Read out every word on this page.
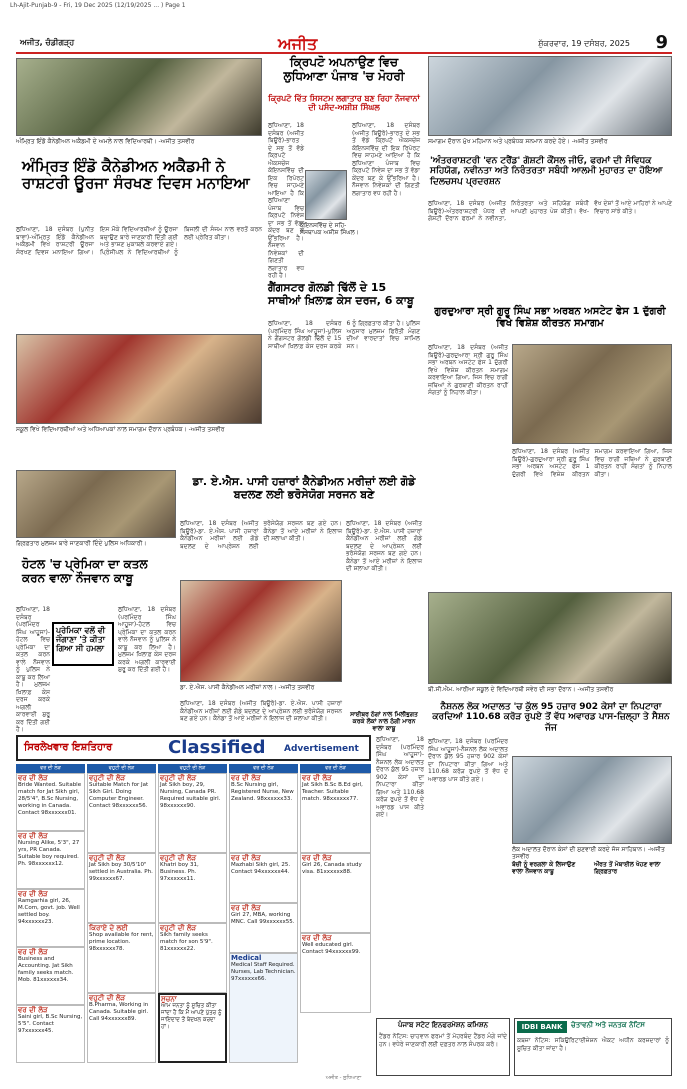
Lh-Ajit-Punjab-9 - Fri, 19 Dec 2025 (12/19/2025 ... ) Page 1
ਅਜੀਤ, ਚੰਡੀਗੜ੍ਹ	ਅਜੀਤ	ਸ਼ੁੱਕਰਵਾਰ, 19 ਦਸੰਬਰ, 2025 9
ਅੰਮ੍ਰਿਤ ਇੰਡੋ ਕੈਨੇਡੀਅਨ ਅਕੈਡਮੀ ਦੇ ਅਮਲੇ ਨਾਲ ਵਿਦਿਆਰਥੀ। -ਅਜੀਤ ਤਸਵੀਰ
ਅੰਮ੍ਰਿਤ ਇੰਡੋ ਕੈਨੇਡੀਅਨ ਅਕੈਡਮੀ ਨੇ ਰਾਸ਼ਟਰੀ ਊਰਜਾ ਸੰਰਖਣ ਦਿਵਸ ਮਨਾਇਆ
ਲੁਧਿਆਣਾ, 18 ਦਸੰਬਰ (ਪੁਨੀਤ ਬਾਵਾ)-ਅੰਮ੍ਰਿਤ ਇੰਡੋ ਕੈਨੇਡੀਅਨ ਅਕੈਡਮੀ ਵਿਖੇ ਰਾਸ਼ਟਰੀ ਊਰਜਾ ਸੰਰਖਣ ਦਿਵਸ ਮਨਾਇਆ ਗਿਆ। ਇਸ ਮੌਕੇ ਵਿਦਿਆਰਥੀਆਂ ਨੂੰ ਊਰਜਾ ਬਚਾਉਣ ਬਾਰੇ ਜਾਣਕਾਰੀ ਦਿੱਤੀ ਗਈ ਅਤੇ ਭਾਸ਼ਣ ਮੁਕਾਬਲੇ ਕਰਵਾਏ ਗਏ। ਪ੍ਰਿੰਸੀਪਲ ਨੇ ਵਿਦਿਆਰਥੀਆਂ ਨੂੰ ਬਿਜਲੀ ਦੀ ਸੰਜਮ ਨਾਲ ਵਰਤੋਂ ਕਰਨ ਲਈ ਪ੍ਰੇਰਿਤ ਕੀਤਾ।
ਕ੍ਰਿਪਟੋ ਅਪਨਾਉਣ ਵਿਚ
ਲੁਧਿਆਣਾ ਪੰਜਾਬ 'ਚ ਮੋਹਰੀ
ਕ੍ਰਿਪਟੋ ਵਿੱਤ ਸਿਸਟਮ ਲਗਾਤਾਰ ਬਣ ਰਿਹਾ ਨੌਜਵਾਨਾਂ ਦੀ ਪਸੰਦ-ਅਸ਼ੀਸ਼ ਸਿੰਘਲ
ਕੋਇਨਸਵਿੱਚ ਦੇ ਸਹਿ-ਸੰਸਥਾਪਕ ਅਸ਼ੀਸ਼ ਸਿੰਘਲ।
ਲੁਧਿਆਣਾ, 18 ਦਸੰਬਰ (ਅਜੀਤ ਬਿਊਰੋ)-ਭਾਰਤ ਦੇ ਸਭ ਤੋਂ ਵੱਡੇ ਕ੍ਰਿਪਟੋ ਐਕਸਚੇਂਜ ਕੋਇਨਸਵਿੱਚ ਦੀ ਇਕ ਰਿਪੋਰਟ ਵਿਚ ਸਾਹਮਣੇ ਆਇਆ ਹੈ ਕਿ ਲੁਧਿਆਣਾ ਪੰਜਾਬ ਵਿਚ ਕ੍ਰਿਪਟੋ ਨਿਵੇਸ਼ ਦਾ ਸਭ ਤੋਂ ਵੱਡਾ ਕੇਂਦਰ ਬਣ ਕੇ ਉੱਭਰਿਆ ਹੈ। ਨੌਜਵਾਨ ਨਿਵੇਸ਼ਕਾਂ ਦੀ ਗਿਣਤੀ ਲਗਾਤਾਰ ਵਧ ਰਹੀ ਹੈ।
ਲੁਧਿਆਣਾ, 18 ਦਸੰਬਰ (ਅਜੀਤ ਬਿਊਰੋ)-ਭਾਰਤ ਦੇ ਸਭ ਤੋਂ ਵੱਡੇ ਕ੍ਰਿਪਟੋ ਐਕਸਚੇਂਜ ਕੋਇਨਸਵਿੱਚ ਦੀ ਇਕ ਰਿਪੋਰਟ ਵਿਚ ਸਾਹਮਣੇ ਆਇਆ ਹੈ ਕਿ ਲੁਧਿਆਣਾ ਪੰਜਾਬ ਵਿਚ ਕ੍ਰਿਪਟੋ ਨਿਵੇਸ਼ ਦਾ ਸਭ ਤੋਂ ਵੱਡਾ ਕੇਂਦਰ ਬਣ ਕੇ ਉੱਭਰਿਆ ਹੈ। ਨੌਜਵਾਨ ਨਿਵੇਸ਼ਕਾਂ ਦੀ ਗਿਣਤੀ ਲਗਾਤਾਰ ਵਧ ਰਹੀ ਹੈ।
ਗੈਂਗਸਟਰ ਗੋਲਡੀ ਢਿੱਲੋਂ ਦੇ 15 ਸਾਥੀਆਂ ਖ਼ਿਲਾਫ਼ ਕੇਸ ਦਰਜ, 6 ਕਾਬੂ
ਲੁਧਿਆਣਾ, 18 ਦਸੰਬਰ (ਪਰਮਿੰਦਰ ਸਿੰਘ ਆਹੂਜਾ)-ਪੁਲਿਸ ਨੇ ਗੈਂਗਸਟਰ ਗੋਲਡੀ ਢਿੱਲੋਂ ਦੇ 15 ਸਾਥੀਆਂ ਖ਼ਿਲਾਫ਼ ਕੇਸ ਦਰਜ ਕਰਕੇ 6 ਨੂੰ ਗ੍ਰਿਫ਼ਤਾਰ ਕੀਤਾ ਹੈ। ਪੁਲਿਸ ਅਨੁਸਾਰ ਮੁਲਜ਼ਮ ਫਿਰੌਤੀ ਮੰਗਣ ਦੀਆਂ ਵਾਰਦਾਤਾਂ ਵਿਚ ਸ਼ਾਮਿਲ ਸਨ।
ਸਕੂਲ ਵਿਖੇ ਵਿਦਿਆਰਥੀਆਂ ਅਤੇ ਅਧਿਆਪਕਾਂ ਨਾਲ ਸਮਾਗਮ ਦੌਰਾਨ ਪ੍ਰਬੰਧਕ। -ਅਜੀਤ ਤਸਵੀਰ
ਗ੍ਰਿਫ਼ਤਾਰ ਮੁਲਜ਼ਮ ਬਾਰੇ ਜਾਣਕਾਰੀ ਦਿੰਦੇ ਪੁਲਿਸ ਅਧਿਕਾਰੀ।
ਹੋਟਲ 'ਚ ਪ੍ਰੇਮਿਕਾ ਦਾ ਕਤਲ ਕਰਨ ਵਾਲਾ ਨੌਜਵਾਨ ਕਾਬੂ
ਪ੍ਰੇਮਿਕਾ ਵਲੋਂ ਵੀ ਜੋਗਾਣਾ 'ਤੇ ਕੀਤਾ ਗਿਆ ਸੀ ਹਮਲਾ
ਲੁਧਿਆਣਾ, 18 ਦਸੰਬਰ (ਪਰਮਿੰਦਰ ਸਿੰਘ ਆਹੂਜਾ)-ਹੋਟਲ ਵਿਚ ਪ੍ਰੇਮਿਕਾ ਦਾ ਕਤਲ ਕਰਨ ਵਾਲੇ ਨੌਜਵਾਨ ਨੂੰ ਪੁਲਿਸ ਨੇ ਕਾਬੂ ਕਰ ਲਿਆ ਹੈ। ਮੁਲਜ਼ਮ ਖ਼ਿਲਾਫ਼ ਕੇਸ ਦਰਜ ਕਰਕੇ ਅਗਲੀ ਕਾਰਵਾਈ ਸ਼ੁਰੂ ਕਰ ਦਿੱਤੀ ਗਈ ਹੈ।
ਲੁਧਿਆਣਾ, 18 ਦਸੰਬਰ (ਪਰਮਿੰਦਰ ਸਿੰਘ ਆਹੂਜਾ)-ਹੋਟਲ ਵਿਚ ਪ੍ਰੇਮਿਕਾ ਦਾ ਕਤਲ ਕਰਨ ਵਾਲੇ ਨੌਜਵਾਨ ਨੂੰ ਪੁਲਿਸ ਨੇ ਕਾਬੂ ਕਰ ਲਿਆ ਹੈ। ਮੁਲਜ਼ਮ ਖ਼ਿਲਾਫ਼ ਕੇਸ ਦਰਜ ਕਰਕੇ ਅਗਲੀ ਕਾਰਵਾਈ ਸ਼ੁਰੂ ਕਰ ਦਿੱਤੀ ਗਈ ਹੈ।
ਡਾ. ਏ.ਐਸ. ਪਾਸੀ ਹਜ਼ਾਰਾਂ ਕੈਨੇਡੀਅਨ ਮਰੀਜ਼ਾਂ ਲਈ ਗੋਡੇ ਬਦਲਣ ਲਈ ਭਰੋਸੇਯੋਗ ਸਰਜਨ ਬਣੇ
ਲੁਧਿਆਣਾ, 18 ਦਸੰਬਰ (ਅਜੀਤ ਬਿਊਰੋ)-ਡਾ. ਏ.ਐਸ. ਪਾਸੀ ਹਜ਼ਾਰਾਂ ਕੈਨੇਡੀਅਨ ਮਰੀਜ਼ਾਂ ਲਈ ਗੋਡੇ ਬਦਲਣ ਦੇ ਆਪ੍ਰੇਸ਼ਨ ਲਈ ਭਰੋਸੇਯੋਗ ਸਰਜਨ ਬਣ ਗਏ ਹਨ। ਕੈਨੇਡਾ ਤੋਂ ਆਏ ਮਰੀਜ਼ਾਂ ਨੇ ਇਲਾਜ ਦੀ ਸ਼ਲਾਘਾ ਕੀਤੀ।
ਡਾ. ਏ.ਐਸ. ਪਾਸੀ ਕੈਨੇਡੀਅਨ ਮਰੀਜ਼ਾਂ ਨਾਲ। -ਅਜੀਤ ਤਸਵੀਰ
ਲੁਧਿਆਣਾ, 18 ਦਸੰਬਰ (ਅਜੀਤ ਬਿਊਰੋ)-ਡਾ. ਏ.ਐਸ. ਪਾਸੀ ਹਜ਼ਾਰਾਂ ਕੈਨੇਡੀਅਨ ਮਰੀਜ਼ਾਂ ਲਈ ਗੋਡੇ ਬਦਲਣ ਦੇ ਆਪ੍ਰੇਸ਼ਨ ਲਈ ਭਰੋਸੇਯੋਗ ਸਰਜਨ ਬਣ ਗਏ ਹਨ। ਕੈਨੇਡਾ ਤੋਂ ਆਏ ਮਰੀਜ਼ਾਂ ਨੇ ਇਲਾਜ ਦੀ ਸ਼ਲਾਘਾ ਕੀਤੀ।
ਲੁਧਿਆਣਾ, 18 ਦਸੰਬਰ (ਅਜੀਤ ਬਿਊਰੋ)-ਡਾ. ਏ.ਐਸ. ਪਾਸੀ ਹਜ਼ਾਰਾਂ ਕੈਨੇਡੀਅਨ ਮਰੀਜ਼ਾਂ ਲਈ ਗੋਡੇ ਬਦਲਣ ਦੇ ਆਪ੍ਰੇਸ਼ਨ ਲਈ ਭਰੋਸੇਯੋਗ ਸਰਜਨ ਬਣ ਗਏ ਹਨ। ਕੈਨੇਡਾ ਤੋਂ ਆਏ ਮਰੀਜ਼ਾਂ ਨੇ ਇਲਾਜ ਦੀ ਸ਼ਲਾਘਾ ਕੀਤੀ।
ਸਾਈਬਰ ਠੱਗਾਂ ਨਾਲ ਮਿਲੀਭੁਗਤ ਕਰਕੇ ਲੋਕਾਂ ਨਾਲ ਠੱਗੀ ਮਾਰਨ ਵਾਲਾ ਕਾਬੂ
ਸਮਾਗਮ ਦੌਰਾਨ ਮੁੱਖ ਮਹਿਮਾਨ ਅਤੇ ਪ੍ਰਬੰਧਕ ਸਨਮਾਨ ਕਰਦੇ ਹੋਏ। -ਅਜੀਤ ਤਸਵੀਰ
'ਅੰਤਰਰਾਸ਼ਟਰੀ 'ਵਨ ਟਰੈਂਡ' ਗੋਸ਼ਟੀ ਕੌਂਸਲ ਜੀਓ, ਫਰਮਾਂ ਦੀ ਸੰਵਿਧਕ ਸਹਿਯੋਗ, ਨਵੀਨਤਾ ਅਤੇ ਨਿਰੰਤਰਤਾ ਸਬੰਧੀ ਆਲਮੀ ਮੁਹਾਰਤ ਦਾ ਹੋਇਆ ਦਿਲਚਸਪ ਪ੍ਰਦਰਸ਼ਨ
ਲੁਧਿਆਣਾ, 18 ਦਸੰਬਰ (ਅਜੀਤ ਬਿਊਰੋ)-ਅੰਤਰਰਾਸ਼ਟਰੀ ਪੱਧਰ ਦੀ ਗੋਸ਼ਟੀ ਦੌਰਾਨ ਫਰਮਾਂ ਨੇ ਨਵੀਨਤਾ, ਨਿਰੰਤਰਤਾ ਅਤੇ ਸਹਿਯੋਗ ਸਬੰਧੀ ਆਪਣੀ ਮੁਹਾਰਤ ਪੇਸ਼ ਕੀਤੀ। ਵੱਖ-ਵੱਖ ਦੇਸ਼ਾਂ ਤੋਂ ਆਏ ਮਾਹਿਰਾਂ ਨੇ ਆਪਣੇ ਵਿਚਾਰ ਸਾਂਝੇ ਕੀਤੇ।
ਗੁਰਦੁਆਰਾ ਸ੍ਰੀ ਗੁਰੂ ਸਿੰਘ ਸਭਾ ਅਰਬਨ ਅਸਟੇਟ ਫੇਸ 1 ਦੁੱਗਰੀ ਵਿਖੇ ਵਿਸ਼ੇਸ਼ ਕੀਰਤਨ ਸਮਾਗਮ
ਲੁਧਿਆਣਾ, 18 ਦਸੰਬਰ (ਅਜੀਤ ਬਿਊਰੋ)-ਗੁਰਦੁਆਰਾ ਸ੍ਰੀ ਗੁਰੂ ਸਿੰਘ ਸਭਾ ਅਰਬਨ ਅਸਟੇਟ ਫੇਸ 1 ਦੁੱਗਰੀ ਵਿਖੇ ਵਿਸ਼ੇਸ਼ ਕੀਰਤਨ ਸਮਾਗਮ ਕਰਵਾਇਆ ਗਿਆ, ਜਿਸ ਵਿਚ ਰਾਗੀ ਜਥਿਆਂ ਨੇ ਗੁਰਬਾਣੀ ਕੀਰਤਨ ਰਾਹੀਂ ਸੰਗਤਾਂ ਨੂੰ ਨਿਹਾਲ ਕੀਤਾ।
ਲੁਧਿਆਣਾ, 18 ਦਸੰਬਰ (ਅਜੀਤ ਬਿਊਰੋ)-ਗੁਰਦੁਆਰਾ ਸ੍ਰੀ ਗੁਰੂ ਸਿੰਘ ਸਭਾ ਅਰਬਨ ਅਸਟੇਟ ਫੇਸ 1 ਦੁੱਗਰੀ ਵਿਖੇ ਵਿਸ਼ੇਸ਼ ਕੀਰਤਨ ਸਮਾਗਮ ਕਰਵਾਇਆ ਗਿਆ, ਜਿਸ ਵਿਚ ਰਾਗੀ ਜਥਿਆਂ ਨੇ ਗੁਰਬਾਣੀ ਕੀਰਤਨ ਰਾਹੀਂ ਸੰਗਤਾਂ ਨੂੰ ਨਿਹਾਲ ਕੀਤਾ।
ਬੀ.ਸੀ.ਐਮ. ਆਰੀਆ ਸਕੂਲ ਦੇ ਵਿਦਿਆਰਥੀ ਸਵੇਰ ਦੀ ਸਭਾ ਦੌਰਾਨ। -ਅਜੀਤ ਤਸਵੀਰ
ਨੈਸ਼ਨਲ ਲੋਕ ਅਦਾਲਤ 'ਚ ਕੁੱਲ 95 ਹਜ਼ਾਰ 902 ਕੇਸਾਂ ਦਾ ਨਿਪਟਾਰਾ ਕਰਦਿਆਂ 110.68 ਕਰੋੜ ਰੁਪਏ ਤੋਂ ਵੱਧ ਅਵਾਰਡ ਪਾਸ-ਜ਼ਿਲ੍ਹਾ ਤੇ ਸੈਸ਼ਨ ਜੱਜ
ਲੁਧਿਆਣਾ, 18 ਦਸੰਬਰ (ਪਰਮਿੰਦਰ ਸਿੰਘ ਆਹੂਜਾ)-ਨੈਸ਼ਨਲ ਲੋਕ ਅਦਾਲਤ ਦੌਰਾਨ ਕੁੱਲ 95 ਹਜ਼ਾਰ 902 ਕੇਸਾਂ ਦਾ ਨਿਪਟਾਰਾ ਕੀਤਾ ਗਿਆ ਅਤੇ 110.68 ਕਰੋੜ ਰੁਪਏ ਤੋਂ ਵੱਧ ਦੇ ਅਵਾਰਡ ਪਾਸ ਕੀਤੇ ਗਏ।
ਲੋਕ ਅਦਾਲਤ ਦੌਰਾਨ ਕੇਸਾਂ ਦੀ ਸੁਣਵਾਈ ਕਰਦੇ ਜੱਜ ਸਾਹਿਬਾਨ। -ਅਜੀਤ ਤਸਵੀਰ
ਲੁਧਿਆਣਾ, 18 ਦਸੰਬਰ (ਪਰਮਿੰਦਰ ਸਿੰਘ ਆਹੂਜਾ)-ਨੈਸ਼ਨਲ ਲੋਕ ਅਦਾਲਤ ਦੌਰਾਨ ਕੁੱਲ 95 ਹਜ਼ਾਰ 902 ਕੇਸਾਂ ਦਾ ਨਿਪਟਾਰਾ ਕੀਤਾ ਗਿਆ ਅਤੇ 110.68 ਕਰੋੜ ਰੁਪਏ ਤੋਂ ਵੱਧ ਦੇ ਅਵਾਰਡ ਪਾਸ ਕੀਤੇ ਗਏ।
ਬੱਚੀ ਨੂੰ ਵਰਗਲਾ ਕੇ ਲਿਜਾਉਣ ਵਾਲਾ ਨੌਜਵਾਨ ਕਾਬੂ
ਔਰਤ ਤੋਂ ਮੋਬਾਈਲ ਖੋਹਣ ਵਾਲਾ ਗ੍ਰਿਫ਼ਤਾਰ
ਸਿਰਲੇਖਵਾਰ ਇਸ਼ਤਿਹਾਰ	Classified Advertisement
ਵਰ ਦੀ ਲੋੜ
ਵਰ ਦੀ ਲੋੜ
Bride Wanted. Suitable match for Jat Sikh girl, 28/5'4", B.Sc Nursing, working in Canada. Contact 98xxxxxx01.
ਵਰ ਦੀ ਲੋੜ
Nursing Alike, 5'3", 27 yrs, PR Canada. Suitable boy required. Ph. 98xxxxxx12.
ਵਰ ਦੀ ਲੋੜ
Ramgarhia girl, 26, M.Com, govt. job. Well settled boy. 94xxxxxx23.
ਵਰ ਦੀ ਲੋੜ
Business and Accounting. Jat Sikh family seeks match. Mob. 81xxxxxx34.
ਵਰ ਦੀ ਲੋੜ
Saini girl, B.Sc Nursing, 5'5". Contact 97xxxxxx45.
ਵਹੁਟੀ ਦੀ ਲੋੜ
ਵਹੁਟੀ ਦੀ ਲੋੜ
Suitable Match for Jat Sikh Girl. Doing Computer Engineer. Contact 98xxxxxx56.
ਵਹੁਟੀ ਦੀ ਲੋੜ
Jat Sikh boy 30/5'10" settled in Australia. Ph. 99xxxxxx67.
ਕਿਰਾਏ ਦੇ ਲਈ
Shop available for rent, prime location. 98xxxxxx78.
ਵਹੁਟੀ ਦੀ ਲੋੜ
B.Pharma, Working in Canada. Suitable girl. Call 94xxxxxx89.
ਵਹੁਟੀ ਦੀ ਲੋੜ
ਵਹੁਟੀ ਦੀ ਲੋੜ
Jat Sikh boy, 29, Nursing, Canada PR. Required suitable girl. 98xxxxxx90.
ਵਹੁਟੀ ਦੀ ਲੋੜ
Khatri boy 31, Business. Ph. 97xxxxxx11.
ਵਹੁਟੀ ਦੀ ਲੋੜ
Sikh family seeks match for son 5'9". 81xxxxxx22.
ਸੂਚਨਾ
ਆਮ ਜਨਤਾ ਨੂੰ ਸੂਚਿਤ ਕੀਤਾ ਜਾਂਦਾ ਹੈ ਕਿ ਮੈਂ ਆਪਣੇ ਪੁੱਤਰ ਨੂੰ ਜਾਇਦਾਦ ਤੋਂ ਬੇਦਖ਼ਲ ਕਰਦਾ ਹਾਂ।
ਵਰ ਦੀ ਲੋੜ
ਵਰ ਦੀ ਲੋੜ
B.Sc Nursing girl, Registered Nurse, New Zealand. 98xxxxxx33.
ਵਰ ਦੀ ਲੋੜ
Mazhabi Sikh girl, 25. Contact 94xxxxxx44.
ਵਰ ਦੀ ਲੋੜ
Girl 27, MBA, working MNC. Call 99xxxxxx55.
Medical
Medical Staff Required. Nurses, Lab Technician. 97xxxxxx66.
ਵਰ ਦੀ ਲੋੜ
ਵਰ ਦੀ ਲੋੜ
Jat Sikh B.Sc B.Ed girl, Teacher. Suitable match. 98xxxxxx77.
ਵਰ ਦੀ ਲੋੜ
Girl 26, Canada study visa. 81xxxxxx88.
ਵਰ ਦੀ ਲੋੜ
Well educated girl. Contact 94xxxxxx99.
ਪੰਜਾਬ ਸਟੇਟ ਇਨਫਰਮੇਸ਼ਨ ਕਮਿਸ਼ਨ
ਟੈਂਡਰ ਨੋਟਿਸ: ਚਾਹਵਾਨ ਫਰਮਾਂ ਤੋਂ ਮੋਹਰਬੰਦ ਟੈਂਡਰ ਮੰਗੇ ਜਾਂਦੇ ਹਨ। ਵਧੇਰੇ ਜਾਣਕਾਰੀ ਲਈ ਦਫ਼ਤਰ ਨਾਲ ਸੰਪਰਕ ਕਰੋ।
IDBI BANK	ਚੇਤਾਵਨੀ ਅਤੇ ਜਨਤਕ ਨੋਟਿਸ
ਕਬਜ਼ਾ ਨੋਟਿਸ: ਸਕਿਉਰਿਟਾਈਜ਼ੇਸ਼ਨ ਐਕਟ ਅਧੀਨ ਕਰਜ਼ਦਾਰਾਂ ਨੂੰ ਸੂਚਿਤ ਕੀਤਾ ਜਾਂਦਾ ਹੈ।
ਅਜੀਤ - ਲੁਧਿਆਣਾ
